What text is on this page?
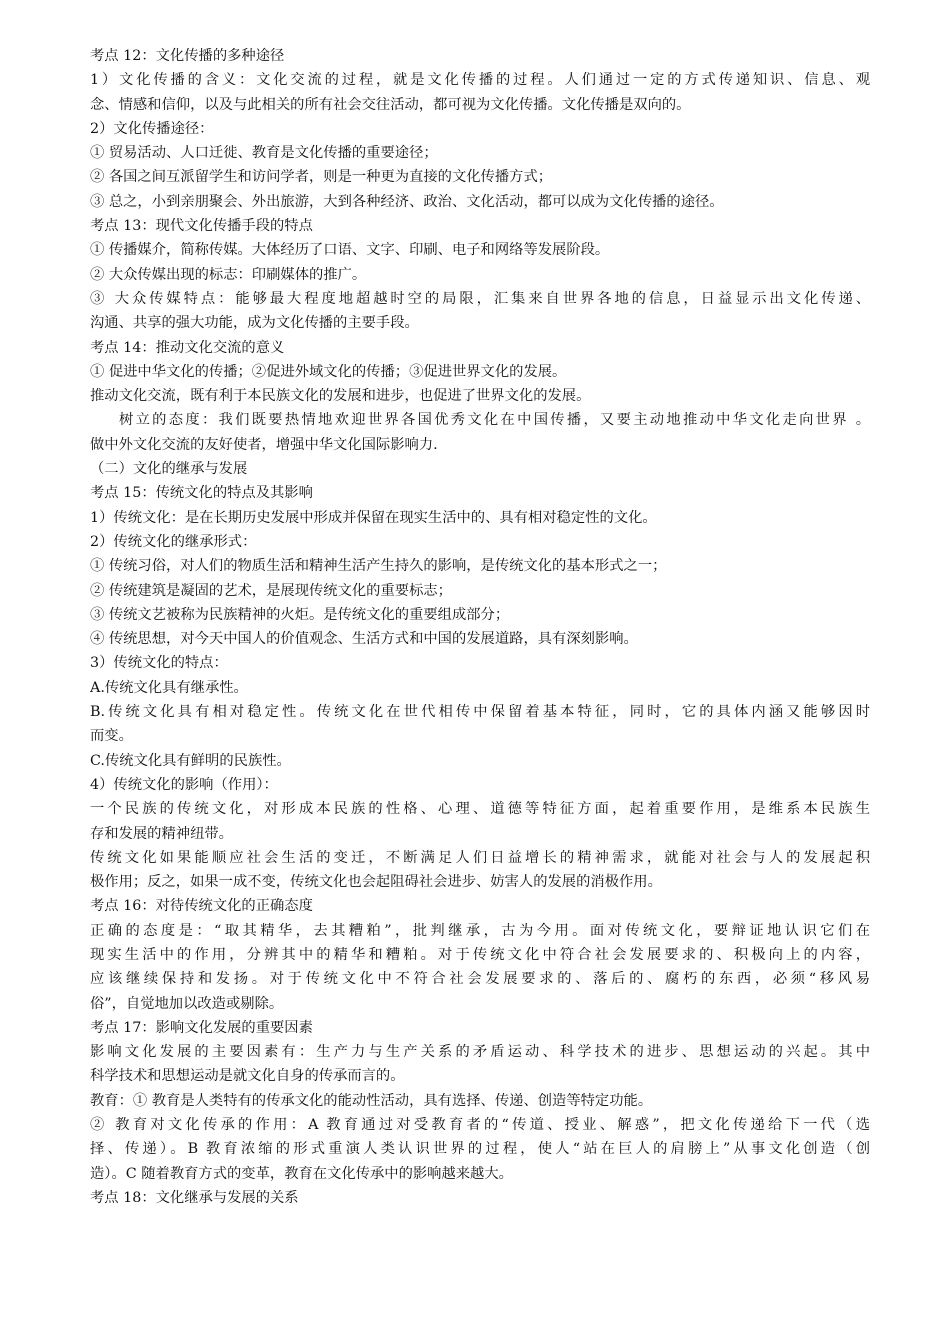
考点 12：文化传播的多种途径
1）文化传播的含义：文化交流的过程，就是文化传播的过程。人们通过一定的方式传递知识、信息、观
念、情感和信仰，以及与此相关的所有社会交往活动，都可视为文化传播。文化传播是双向的。
2）文化传播途径：
① 贸易活动、人口迁徙、教育是文化传播的重要途径；
② 各国之间互派留学生和访问学者，则是一种更为直接的文化传播方式；
③ 总之，小到亲朋聚会、外出旅游，大到各种经济、政治、文化活动，都可以成为文化传播的途径。
考点 13：现代文化传播手段的特点
① 传播媒介，简称传媒。大体经历了口语、文字、印刷、电子和网络等发展阶段。
② 大众传媒出现的标志：印刷媒体的推广。
③ 大众传媒特点：能够最大程度地超越时空的局限，汇集来自世界各地的信息，日益显示出文化传递、
沟通、共享的强大功能，成为文化传播的主要手段。
考点 14：推动文化交流的意义
① 促进中华文化的传播；②促进外域文化的传播；③促进世界文化的发展。
推动文化交流，既有利于本民族文化的发展和进步，也促进了世界文化的发展。
树立的态度：我们既要热情地欢迎世界各国优秀文化在中国传播，又要主动地推动中华文化走向世界 。
做中外文化交流的友好使者，增强中华文化国际影响力.
（二）文化的继承与发展
考点 15：传统文化的特点及其影响
1）传统文化：是在长期历史发展中形成并保留在现实生活中的、具有相对稳定性的文化。
2）传统文化的继承形式：
① 传统习俗，对人们的物质生活和精神生活产生持久的影响，是传统文化的基本形式之一；
② 传统建筑是凝固的艺术，是展现传统文化的重要标志；
③ 传统文艺被称为民族精神的火炬。是传统文化的重要组成部分；
④ 传统思想，对今天中国人的价值观念、生活方式和中国的发展道路，具有深刻影响。
3）传统文化的特点：
A.传统文化具有继承性。
B.传统文化具有相对稳定性。传统文化在世代相传中保留着基本特征，同时，它的具体内涵又能够因时
而变。
C.传统文化具有鲜明的民族性。
4）传统文化的影响（作用）：
一个民族的传统文化，对形成本民族的性格、心理、道德等特征方面，起着重要作用，是维系本民族生
存和发展的精神纽带。
传统文化如果能顺应社会生活的变迁，不断满足人们日益增长的精神需求，就能对社会与人的发展起积
极作用；反之，如果一成不变，传统文化也会起阻碍社会进步、妨害人的发展的消极作用。
考点 16：对待传统文化的正确态度
正确的态度是：“取其精华，去其糟粕”，批判继承，古为今用。面对传统文化，要辩证地认识它们在
现实生活中的作用，分辨其中的精华和糟粕。对于传统文化中符合社会发展要求的、积极向上的内容，
应该继续保持和发扬。对于传统文化中不符合社会发展要求的、落后的、腐朽的东西，必须“移风易
俗”，自觉地加以改造或剔除。
考点 17：影响文化发展的重要因素
影响文化发展的主要因素有：生产力与生产关系的矛盾运动、科学技术的进步、思想运动的兴起。其中
科学技术和思想运动是就文化自身的传承而言的。
教育：① 教育是人类特有的传承文化的能动性活动，具有选择、传递、创造等特定功能。
② 教育对文化传承的作用：A 教育通过对受教育者的“传道、授业、解惑”，把文化传递给下一代（选
择、传递）。B 教育浓缩的形式重演人类认识世界的过程，使人“站在巨人的肩膀上”从事文化创造（创
造）。C 随着教育方式的变革，教育在文化传承中的影响越来越大。
考点 18：文化继承与发展的关系
